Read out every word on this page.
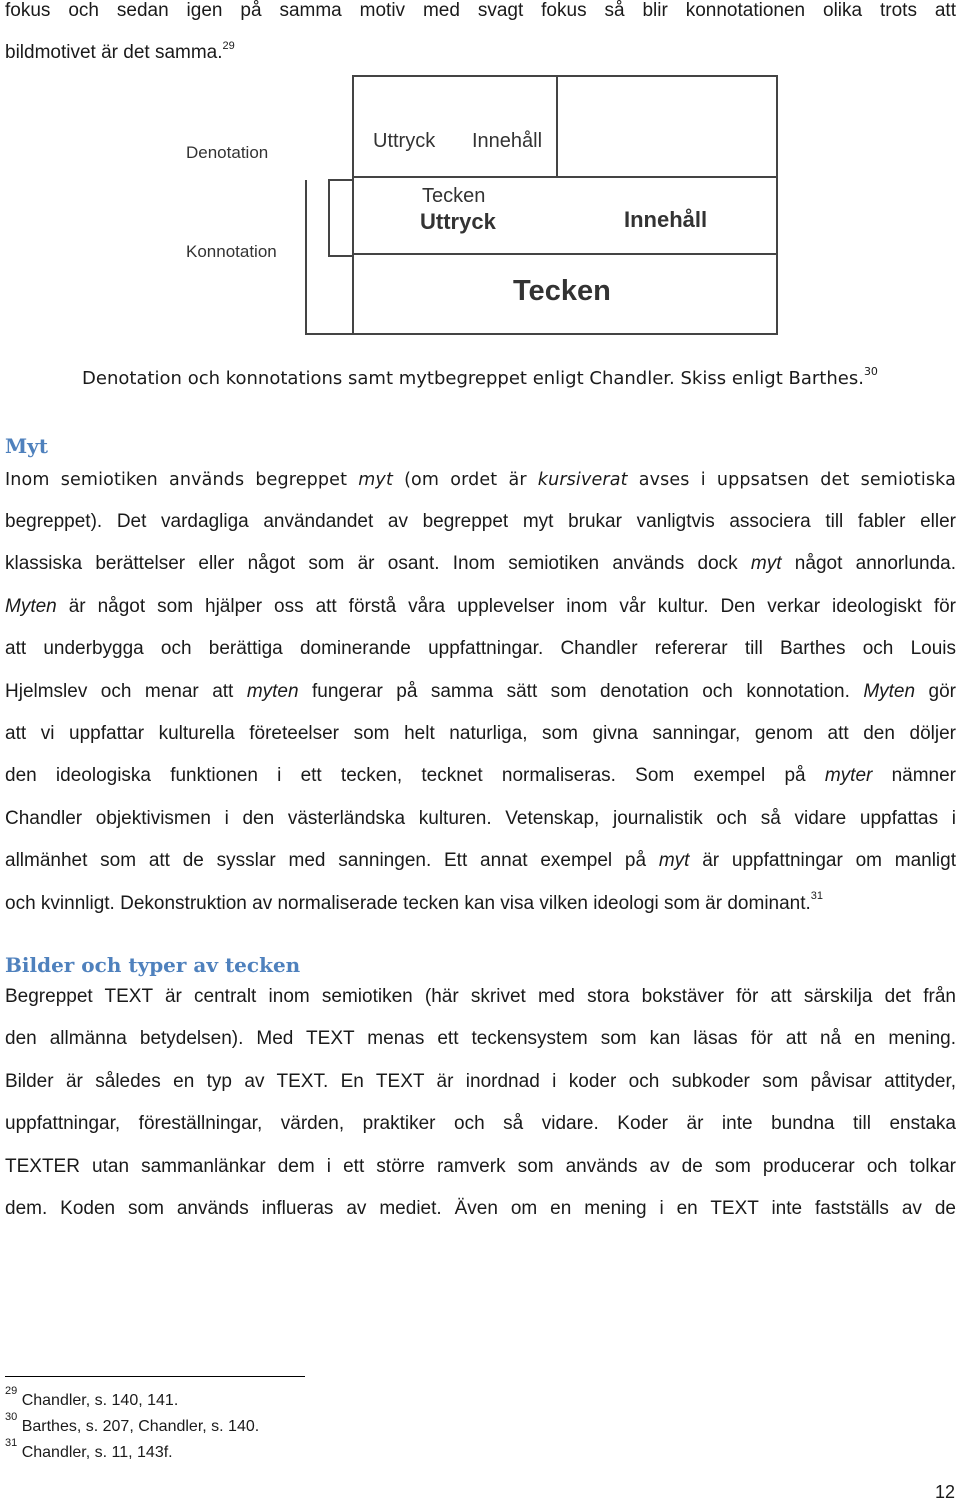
fokus och sedan igen på samma motiv med svagt fokus så blir konnotationen olika trots att
bildmotivet är det samma.$^{29}$
Denotation
Konnotation
Uttryck Innehåll
Tecken
Uttryck	Innehåll
Tecken
Denotation och konnotations samt mytbegreppet enligt Chandler. Skiss enligt Barthes.$^{30}$
Myt
Inom semiotiken används begreppet myt (om ordet är kursiverat avses i uppsatsen det semiotiska
begreppet). Det vardagliga användandet av begreppet myt brukar vanligtvis associera till fabler eller
klassiska berättelser eller något som är osant. Inom semiotiken används dock myt något annorlunda.
Myten är något som hjälper oss att förstå våra upplevelser inom vår kultur. Den verkar ideologiskt för
att underbygga och berättiga dominerande uppfattningar. Chandler refererar till Barthes och Louis
Hjelmslev och menar att myten fungerar på samma sätt som denotation och konnotation. Myten gör
att vi uppfattar kulturella företeelser som helt naturliga, som givna sanningar, genom att den döljer
den ideologiska funktionen i ett tecken, tecknet normaliseras. Som exempel på myter nämner
Chandler objektivismen i den västerländska kulturen. Vetenskap, journalistik och så vidare uppfattas i
allmänhet som att de sysslar med sanningen. Ett annat exempel på myt är uppfattningar om manligt
och kvinnligt. Dekonstruktion av normaliserade tecken kan visa vilken ideologi som är dominant.$^{31}$
Bilder och typer av tecken
Begreppet TEXT är centralt inom semiotiken (här skrivet med stora bokstäver för att särskilja det från
den allmänna betydelsen). Med TEXT menas ett teckensystem som kan läsas för att nå en mening.
Bilder är således en typ av TEXT. En TEXT är inordnad i koder och subkoder som påvisar attityder,
uppfattningar, föreställningar, värden, praktiker och så vidare. Koder är inte bundna till enstaka
TEXTER utan sammanlänkar dem i ett större ramverk som används av de som producerar och tolkar
dem. Koden som används influeras av mediet. Även om en mening i en TEXT inte fastställs av de
$^{29}$ Chandler, s. 140, 141.
$^{30}$ Barthes, s. 207, Chandler, s. 140.
$^{31}$ Chandler, s. 11, 143f.
12
